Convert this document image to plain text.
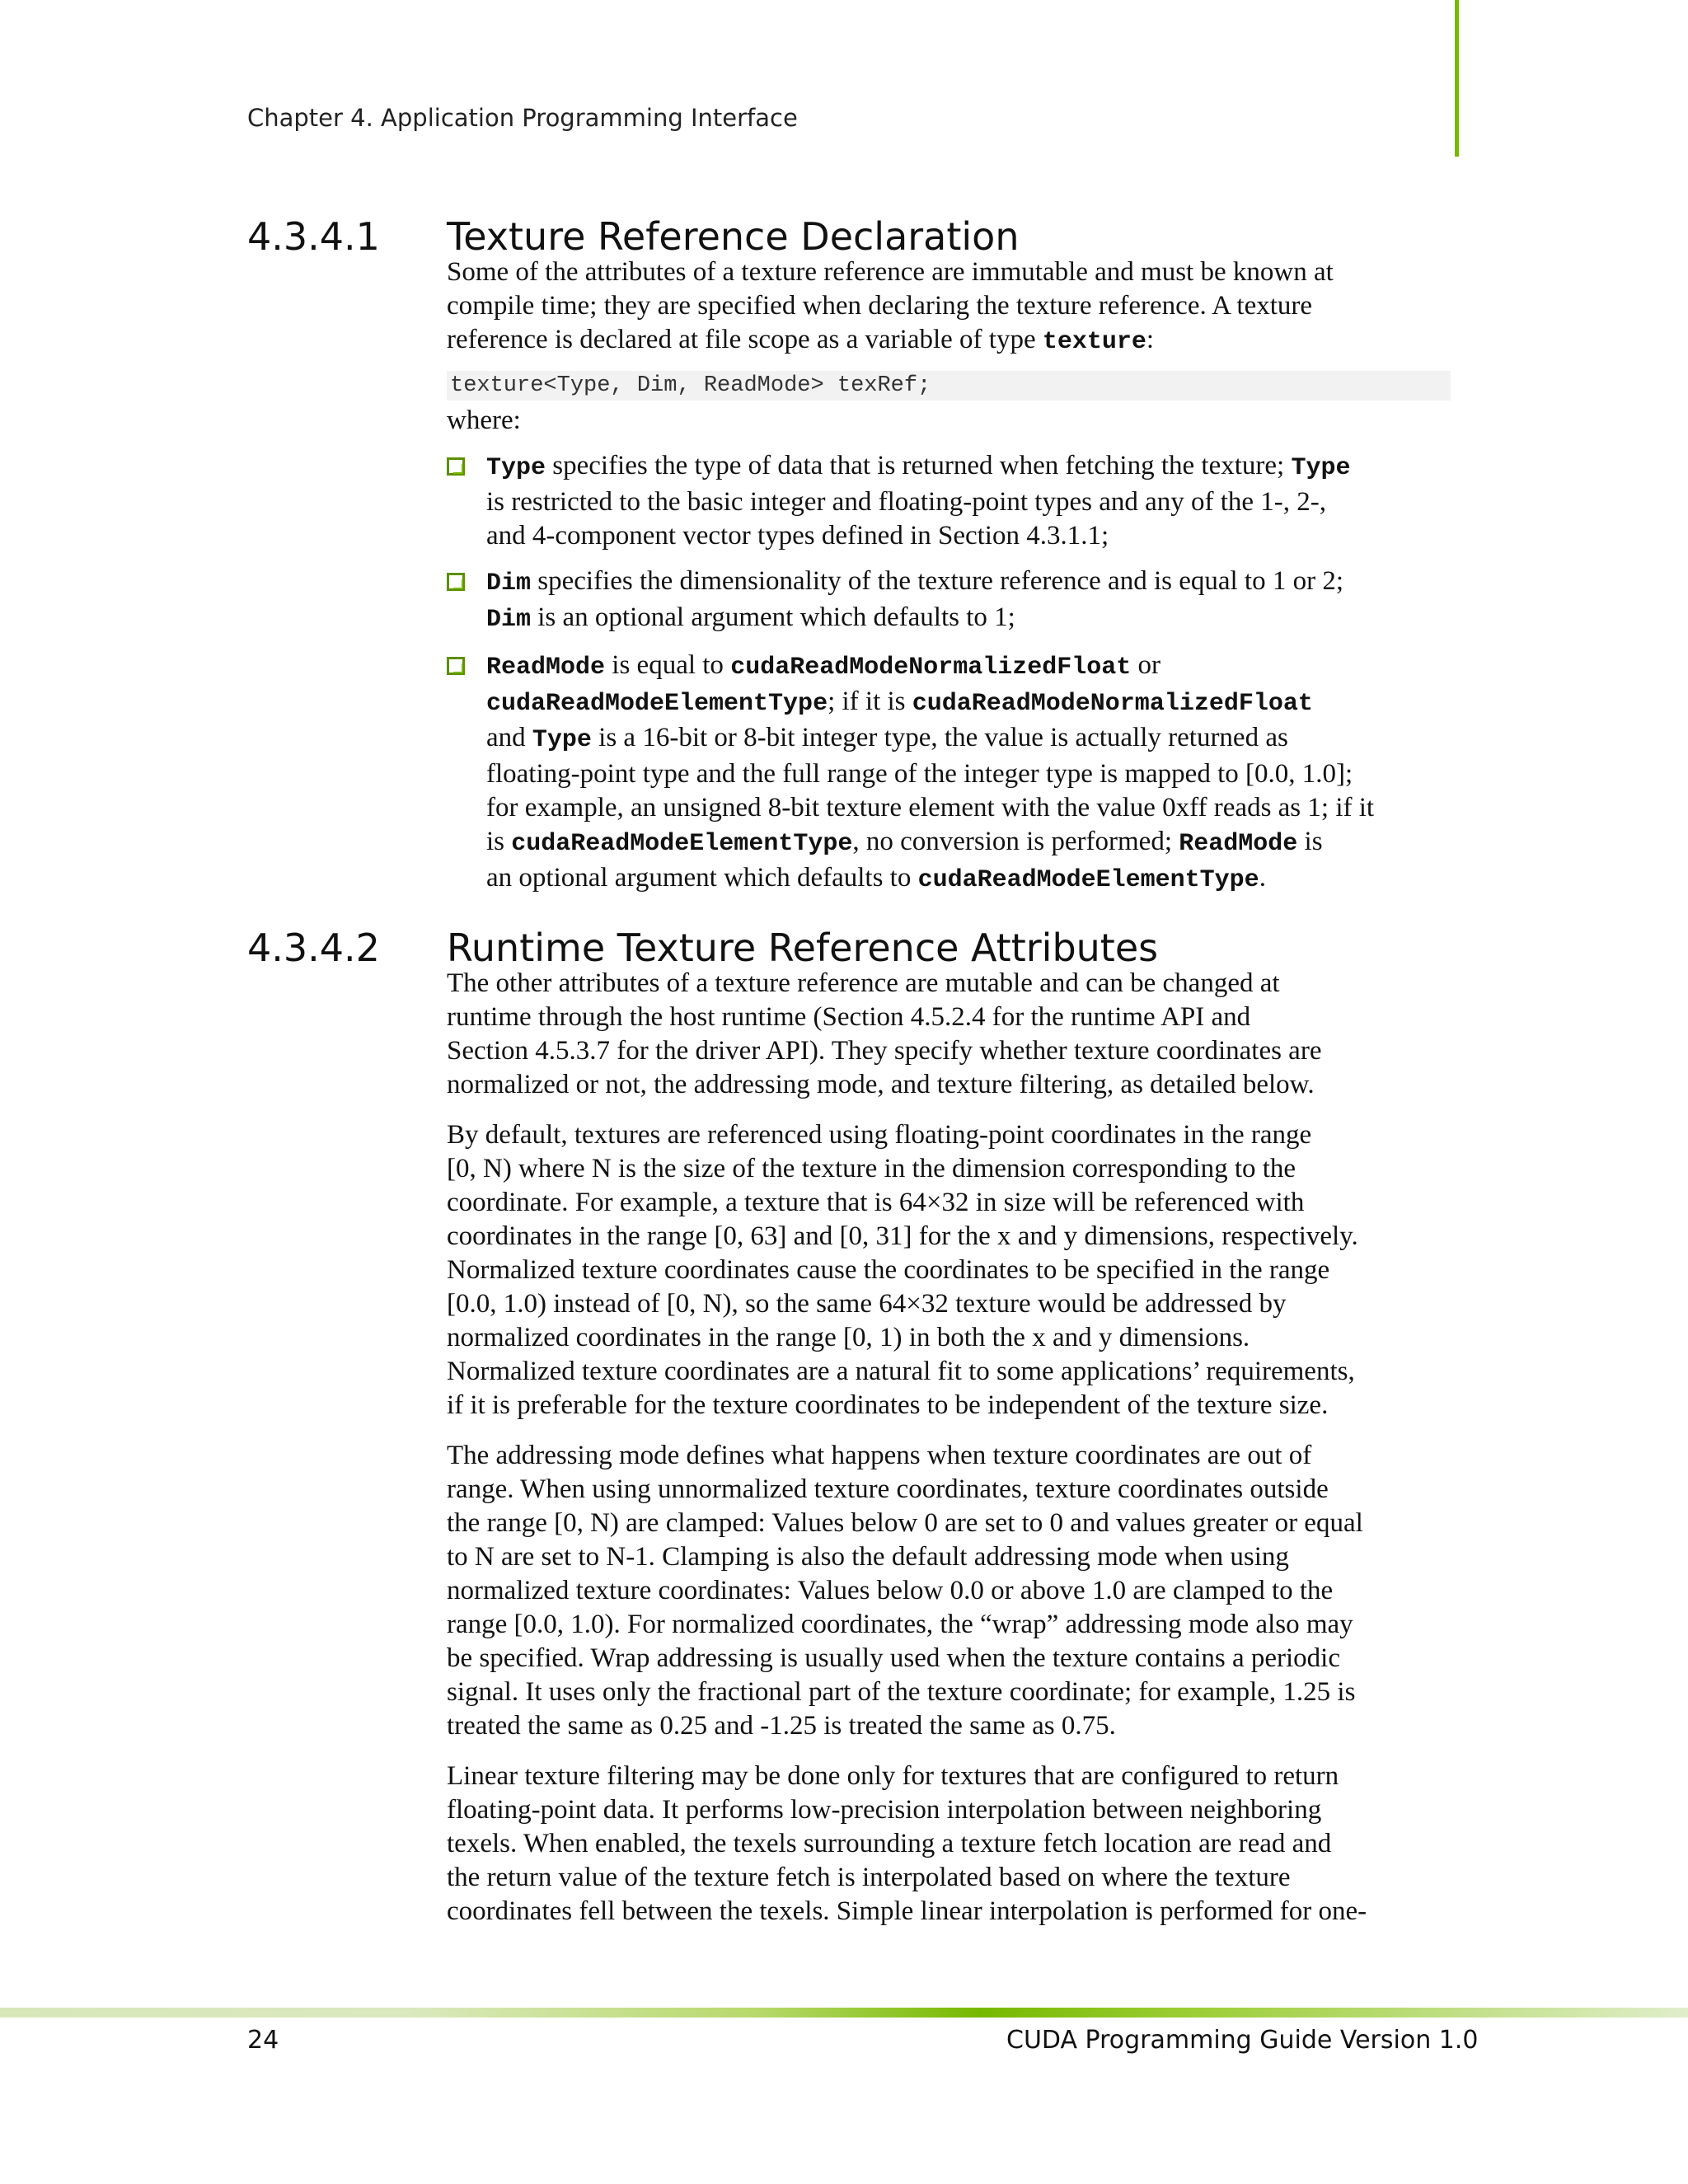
Chapter 4. Application Programming Interface
4.3.4.1	Texture Reference Declaration
Some of the attributes of a texture reference are immutable and must be known at
compile time; they are specified when declaring the texture reference. A texture
reference is declared at file scope as a variable of type texture:
texture<Type, Dim, ReadMode> texRef;
where:
Type specifies the type of data that is returned when fetching the texture; Type
is restricted to the basic integer and floating-point types and any of the 1-, 2-,
and 4-component vector types defined in Section 4.3.1.1;
Dim specifies the dimensionality of the texture reference and is equal to 1 or 2;
Dim is an optional argument which defaults to 1;
ReadMode is equal to cudaReadModeNormalizedFloat or
cudaReadModeElementType; if it is cudaReadModeNormalizedFloat
and Type is a 16-bit or 8-bit integer type, the value is actually returned as
floating-point type and the full range of the integer type is mapped to [0.0, 1.0];
for example, an unsigned 8-bit texture element with the value 0xff reads as 1; if it
is cudaReadModeElementType, no conversion is performed; ReadMode is
an optional argument which defaults to cudaReadModeElementType.
4.3.4.2	Runtime Texture Reference Attributes
The other attributes of a texture reference are mutable and can be changed at
runtime through the host runtime (Section 4.5.2.4 for the runtime API and
Section 4.5.3.7 for the driver API). They specify whether texture coordinates are
normalized or not, the addressing mode, and texture filtering, as detailed below.
By default, textures are referenced using floating-point coordinates in the range
[0, N) where N is the size of the texture in the dimension corresponding to the
coordinate. For example, a texture that is 64×32 in size will be referenced with
coordinates in the range [0, 63] and [0, 31] for the x and y dimensions, respectively.
Normalized texture coordinates cause the coordinates to be specified in the range
[0.0, 1.0) instead of [0, N), so the same 64×32 texture would be addressed by
normalized coordinates in the range [0, 1) in both the x and y dimensions.
Normalized texture coordinates are a natural fit to some applications’ requirements,
if it is preferable for the texture coordinates to be independent of the texture size.
The addressing mode defines what happens when texture coordinates are out of
range. When using unnormalized texture coordinates, texture coordinates outside
the range [0, N) are clamped: Values below 0 are set to 0 and values greater or equal
to N are set to N-1. Clamping is also the default addressing mode when using
normalized texture coordinates: Values below 0.0 or above 1.0 are clamped to the
range [0.0, 1.0). For normalized coordinates, the “wrap” addressing mode also may
be specified. Wrap addressing is usually used when the texture contains a periodic
signal. It uses only the fractional part of the texture coordinate; for example, 1.25 is
treated the same as 0.25 and -1.25 is treated the same as 0.75.
Linear texture filtering may be done only for textures that are configured to return
floating-point data. It performs low-precision interpolation between neighboring
texels. When enabled, the texels surrounding a texture fetch location are read and
the return value of the texture fetch is interpolated based on where the texture
coordinates fell between the texels. Simple linear interpolation is performed for one-
24	CUDA Programming Guide Version 1.0
